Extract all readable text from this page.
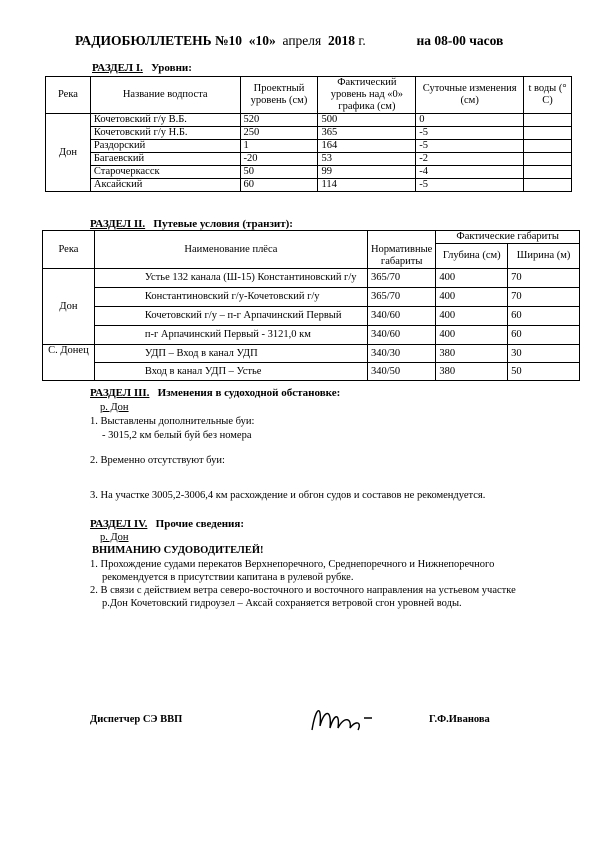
РАДИОБЮЛЛЕТЕНЬ №10 «10» апреля 2018 г.	на 08-00 часов
РАЗДЕЛ I. Уровни:
Река	Название водпоста	Проектный уровень (см)	Фактический уровень над «0» графика (см)	Суточные изменения (см)	t воды (° С)
Дон	Кочетовский г/у В.Б.	520	500	0	
	Кочетовский г/у Н.Б.	250	365	-5	
	Раздорский	1	164	-5	
	Багаевский	-20	53	-2	
	Старочеркасск	50	99	-4	
	Аксайский	60	114	-5	
РАЗДЕЛ II. Путевые условия (транзит):
Река	Наименование плёса	Нормативные габариты	Фактические габариты	
			Глубина (см)	Ширина (м)
Дон	Устье 132 канала (Ш-15) Константиновский г/у	365/70	400	70
	Константиновский г/у-Кочетовский г/у	365/70	400	70
	Кочетовский г/у – п-г Арпачинский Первый	340/60	400	60
	п-г Арпачинский Первый - 3121,0 км	340/60	400	60
С. Донец	УДП – Вход в канал УДП	340/30	380	30
	Вход в канал УДП – Устье	340/50	380	50
РАЗДЕЛ III. Изменения в судоходной обстановке:
р. Дон
1. Выставлены дополнительные буи:
- 3015,2 км белый буй без номера
2. Временно отсутствуют буи:
3. На участке 3005,2-3006,4 км расхождение и обгон судов и составов не рекомендуется.
РАЗДЕЛ IV. Прочие сведения:
р. Дон
ВНИМАНИЮ СУДОВОДИТЕЛЕЙ!
1. Прохождение судами перекатов Верхнепоречного, Среднепоречного и Нижнепоречного
рекомендуется в присутствии капитана в рулевой рубке.
2. В связи с действием ветра северо-восточного и восточного направления на устьевом участке
р.Дон Кочетовский гидроузел – Аксай сохраняется ветровой сгон уровней воды.
Диспетчер СЭ ВВП	Г.Ф.Иванова
